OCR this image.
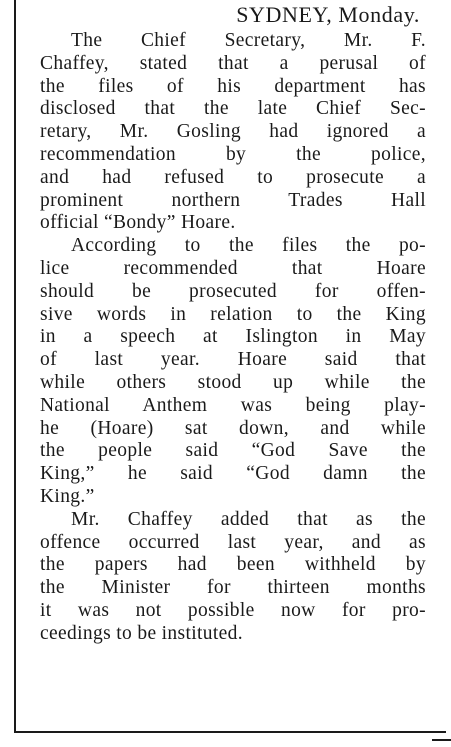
SYDNEY, Monday.
The Chief Secretary, Mr. F.
Chaffey, stated that a perusal of
the files of his department has
disclosed that the late Chief Sec-
retary, Mr. Gosling had ignored a
recommendation by the police,
and had refused to prosecute a
prominent northern Trades Hall
official “Bondy” Hoare.
According to the files the po-
lice recommended that Hoare
should be prosecuted for offen-
sive words in relation to the King
in a speech at Islington in May
of last year. Hoare said that
while others stood up while the
National Anthem was being play-
he (Hoare) sat down, and while
the people said “God Save the
King,” he said “God damn the
King.”
Mr. Chaffey added that as the
offence occurred last year, and as
the papers had been withheld by
the Minister for thirteen months
it was not possible now for pro-
ceedings to be instituted.
